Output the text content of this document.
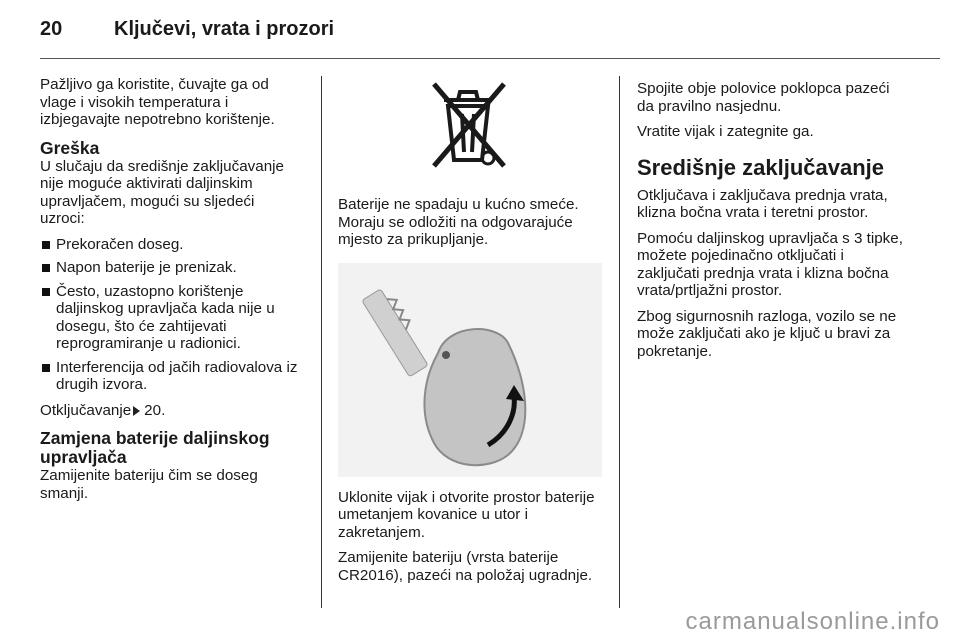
20	Ključevi, vrata i prozori

Pažljivo ga koristite, čuvajte ga od vlage i visokih temperatura i izbjegavajte nepotrebno korištenje.

Greška

U slučaju da središnje zaključavanje nije moguće aktivirati daljinskim upravljačem, mogući su sljedeći uzroci:

Prekoračen doseg.
Napon baterije je prenizak.
Često, uzastopno korištenje daljinskog upravljača kada nije u dosegu, što će zahtijevati reprogramiranje u radionici.
Interferencija od jačih radiovalova iz drugih izvora.

Otključavanje 20.

Zamjena baterije daljinskog upravljača

Zamijenite bateriju čim se doseg smanji.

Baterije ne spadaju u kućno smeće. Moraju se odložiti na odgovarajuće mjesto za prikupljanje.

Uklonite vijak i otvorite prostor baterije umetanjem kovanice u utor i zakretanjem.

Zamijenite bateriju (vrsta baterije CR2016), pazeći na položaj ugradnje.

Spojite obje polovice poklopca pazeći da pravilno nasjednu.

Vratite vijak i zategnite ga.

Središnje zaključavanje

Otključava i zaključava prednja vrata, klizna bočna vrata i teretni prostor.

Pomoću daljinskog upravljača s 3 tipke, možete pojedinačno otključati i zaključati prednja vrata i klizna bočna vrata/prtljažni prostor.

Zbog sigurnosnih razloga, vozilo se ne može zaključati ako je ključ u bravi za pokretanje.

carmanualsonline.info
